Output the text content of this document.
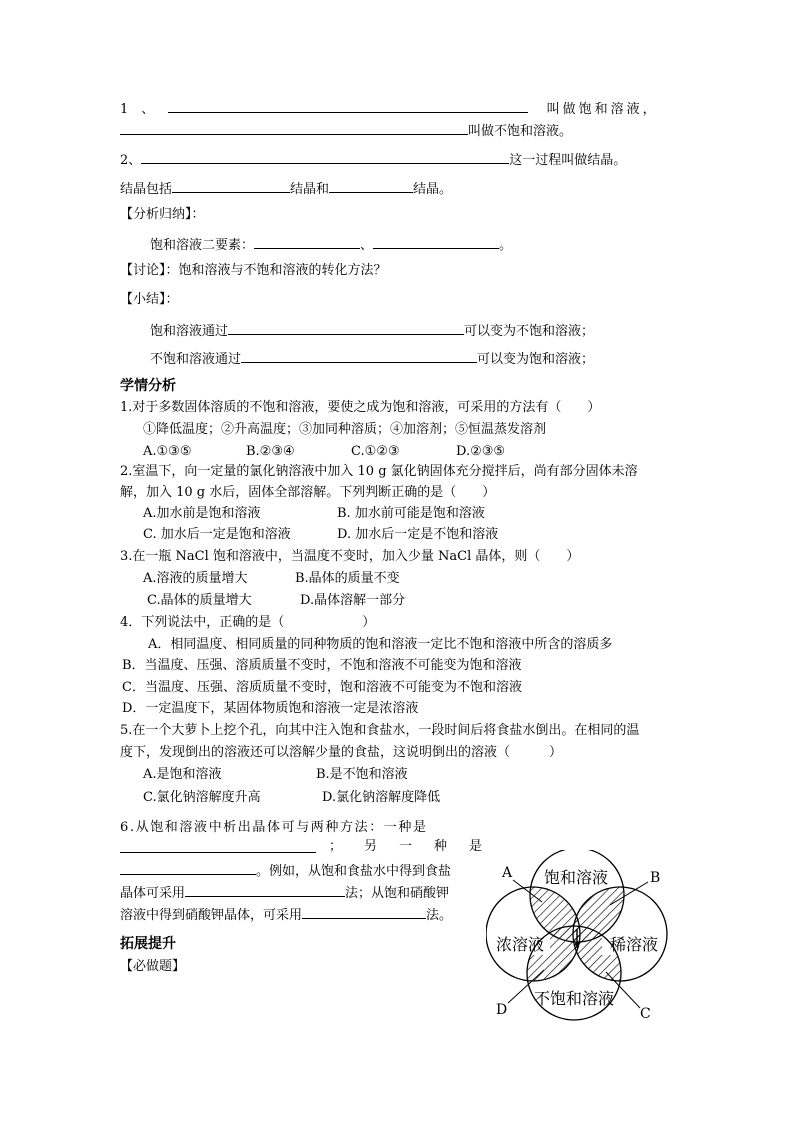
1　、	叫做饱和溶液，
叫做不饱和溶液。
2、	这一过程叫做结晶。
结晶包括	结晶和	结晶。
【分析归纳】：
饱和溶液二要素：	、	。
【讨论】：饱和溶液与不饱和溶液的转化方法？
【小结】：
饱和溶液通过	可以变为不饱和溶液；
不饱和溶液通过	可以变为饱和溶液；
学情分析
1.对于多数固体溶质的不饱和溶液，要使之成为饱和溶液，可采用的方法有（　　）
①降低温度；②升高温度；③加同种溶质；④加溶剂；⑤恒温蒸发溶剂
A.①③⑤	B.②③④	C.①②③	D.②③⑤
2.室温下，向一定量的氯化钠溶液中加入 10 g 氯化钠固体充分搅拌后，尚有部分固体未溶
解，加入 10 g 水后，固体全部溶解。下列判断正确的是（　　）
A.加水前是饱和溶液	B. 加水前可能是饱和溶液
C. 加水后一定是饱和溶液	D. 加水后一定是不饱和溶液
3.在一瓶 NaCl 饱和溶液中，当温度不变时，加入少量 NaCl 晶体，则（　　）
A.溶液的质量增大	B.晶体的质量不变
C.晶体的质量增大	D.晶体溶解一部分
4．下列说法中，正确的是（　　　　　　）
A．相同温度、相同质量的同种物质的饱和溶液一定比不饱和溶液中所含的溶质多
B．当温度、压强、溶质质量不变时，不饱和溶液不可能变为饱和溶液
C．当温度、压强、溶质质量不变时，饱和溶液不可能变为不饱和溶液
D．一定温度下，某固体物质饱和溶液一定是浓溶液
5.在一个大萝卜上挖个孔，向其中注入饱和食盐水，一段时间后将食盐水倒出。在相同的温
度下，发现倒出的溶液还可以溶解少量的食盐，这说明倒出的溶液（　　　）
A.是饱和溶液	B.是不饱和溶液
C.氯化钠溶解度升高	D.氯化钠溶解度降低
6.从饱和溶液中析出晶体可与两种方法：一种是
；另一种是
。例如，从饱和食盐水中得到食盐
晶体可采用	法；从饱和硝酸钾
溶液中得到硝酸钾晶体，可采用	法。
拓展提升
【必做题】
饱和溶液
浓溶液	稀溶液
不饱和溶液
A	B
C
D
